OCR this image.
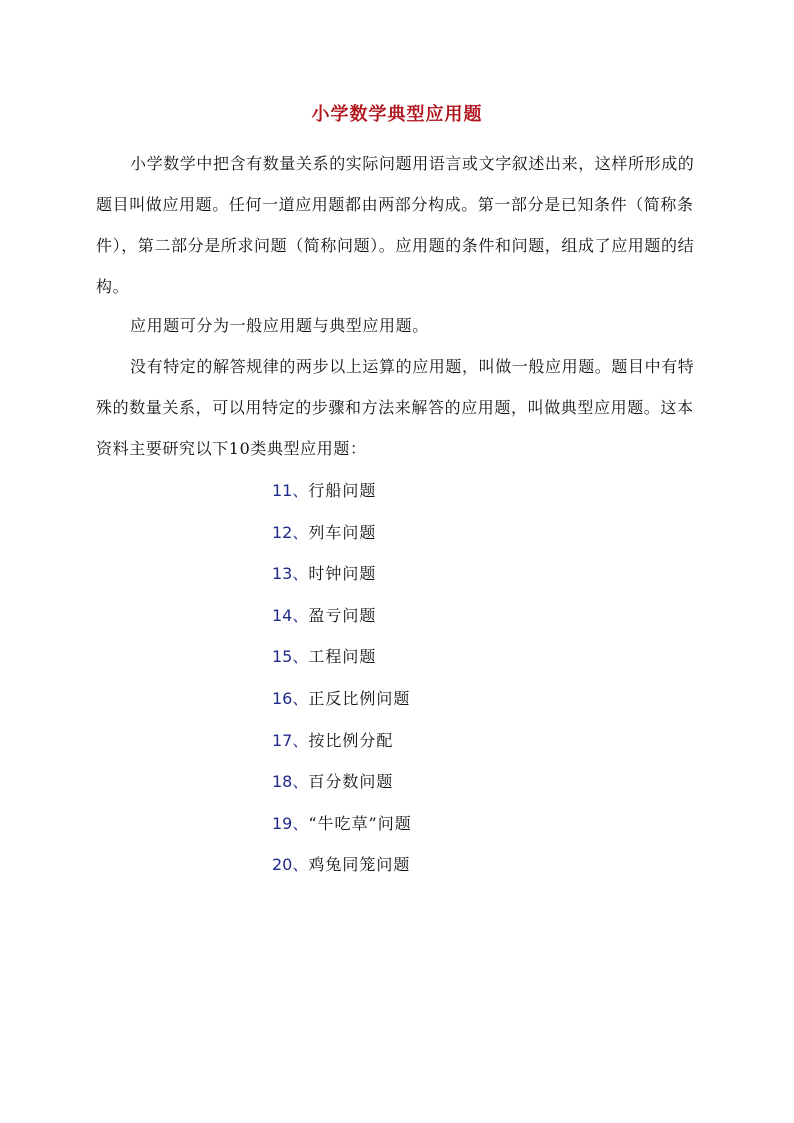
小学数学典型应用题
小学数学中把含有数量关系的实际问题用语言或文字叙述出来，这样所形成的题目叫做应用题。任何一道应用题都由两部分构成。第一部分是已知条件（简称条件），第二部分是所求问题（简称问题）。应用题的条件和问题，组成了应用题的结构。
应用题可分为一般应用题与典型应用题。
没有特定的解答规律的两步以上运算的应用题，叫做一般应用题。题目中有特殊的数量关系，可以用特定的步骤和方法来解答的应用题，叫做典型应用题。这本资料主要研究以下10类典型应用题：
11、行船问题
12、列车问题
13、时钟问题
14、盈亏问题
15、工程问题
16、正反比例问题
17、按比例分配
18、百分数问题
19、“牛吃草”问题
20、鸡兔同笼问题
